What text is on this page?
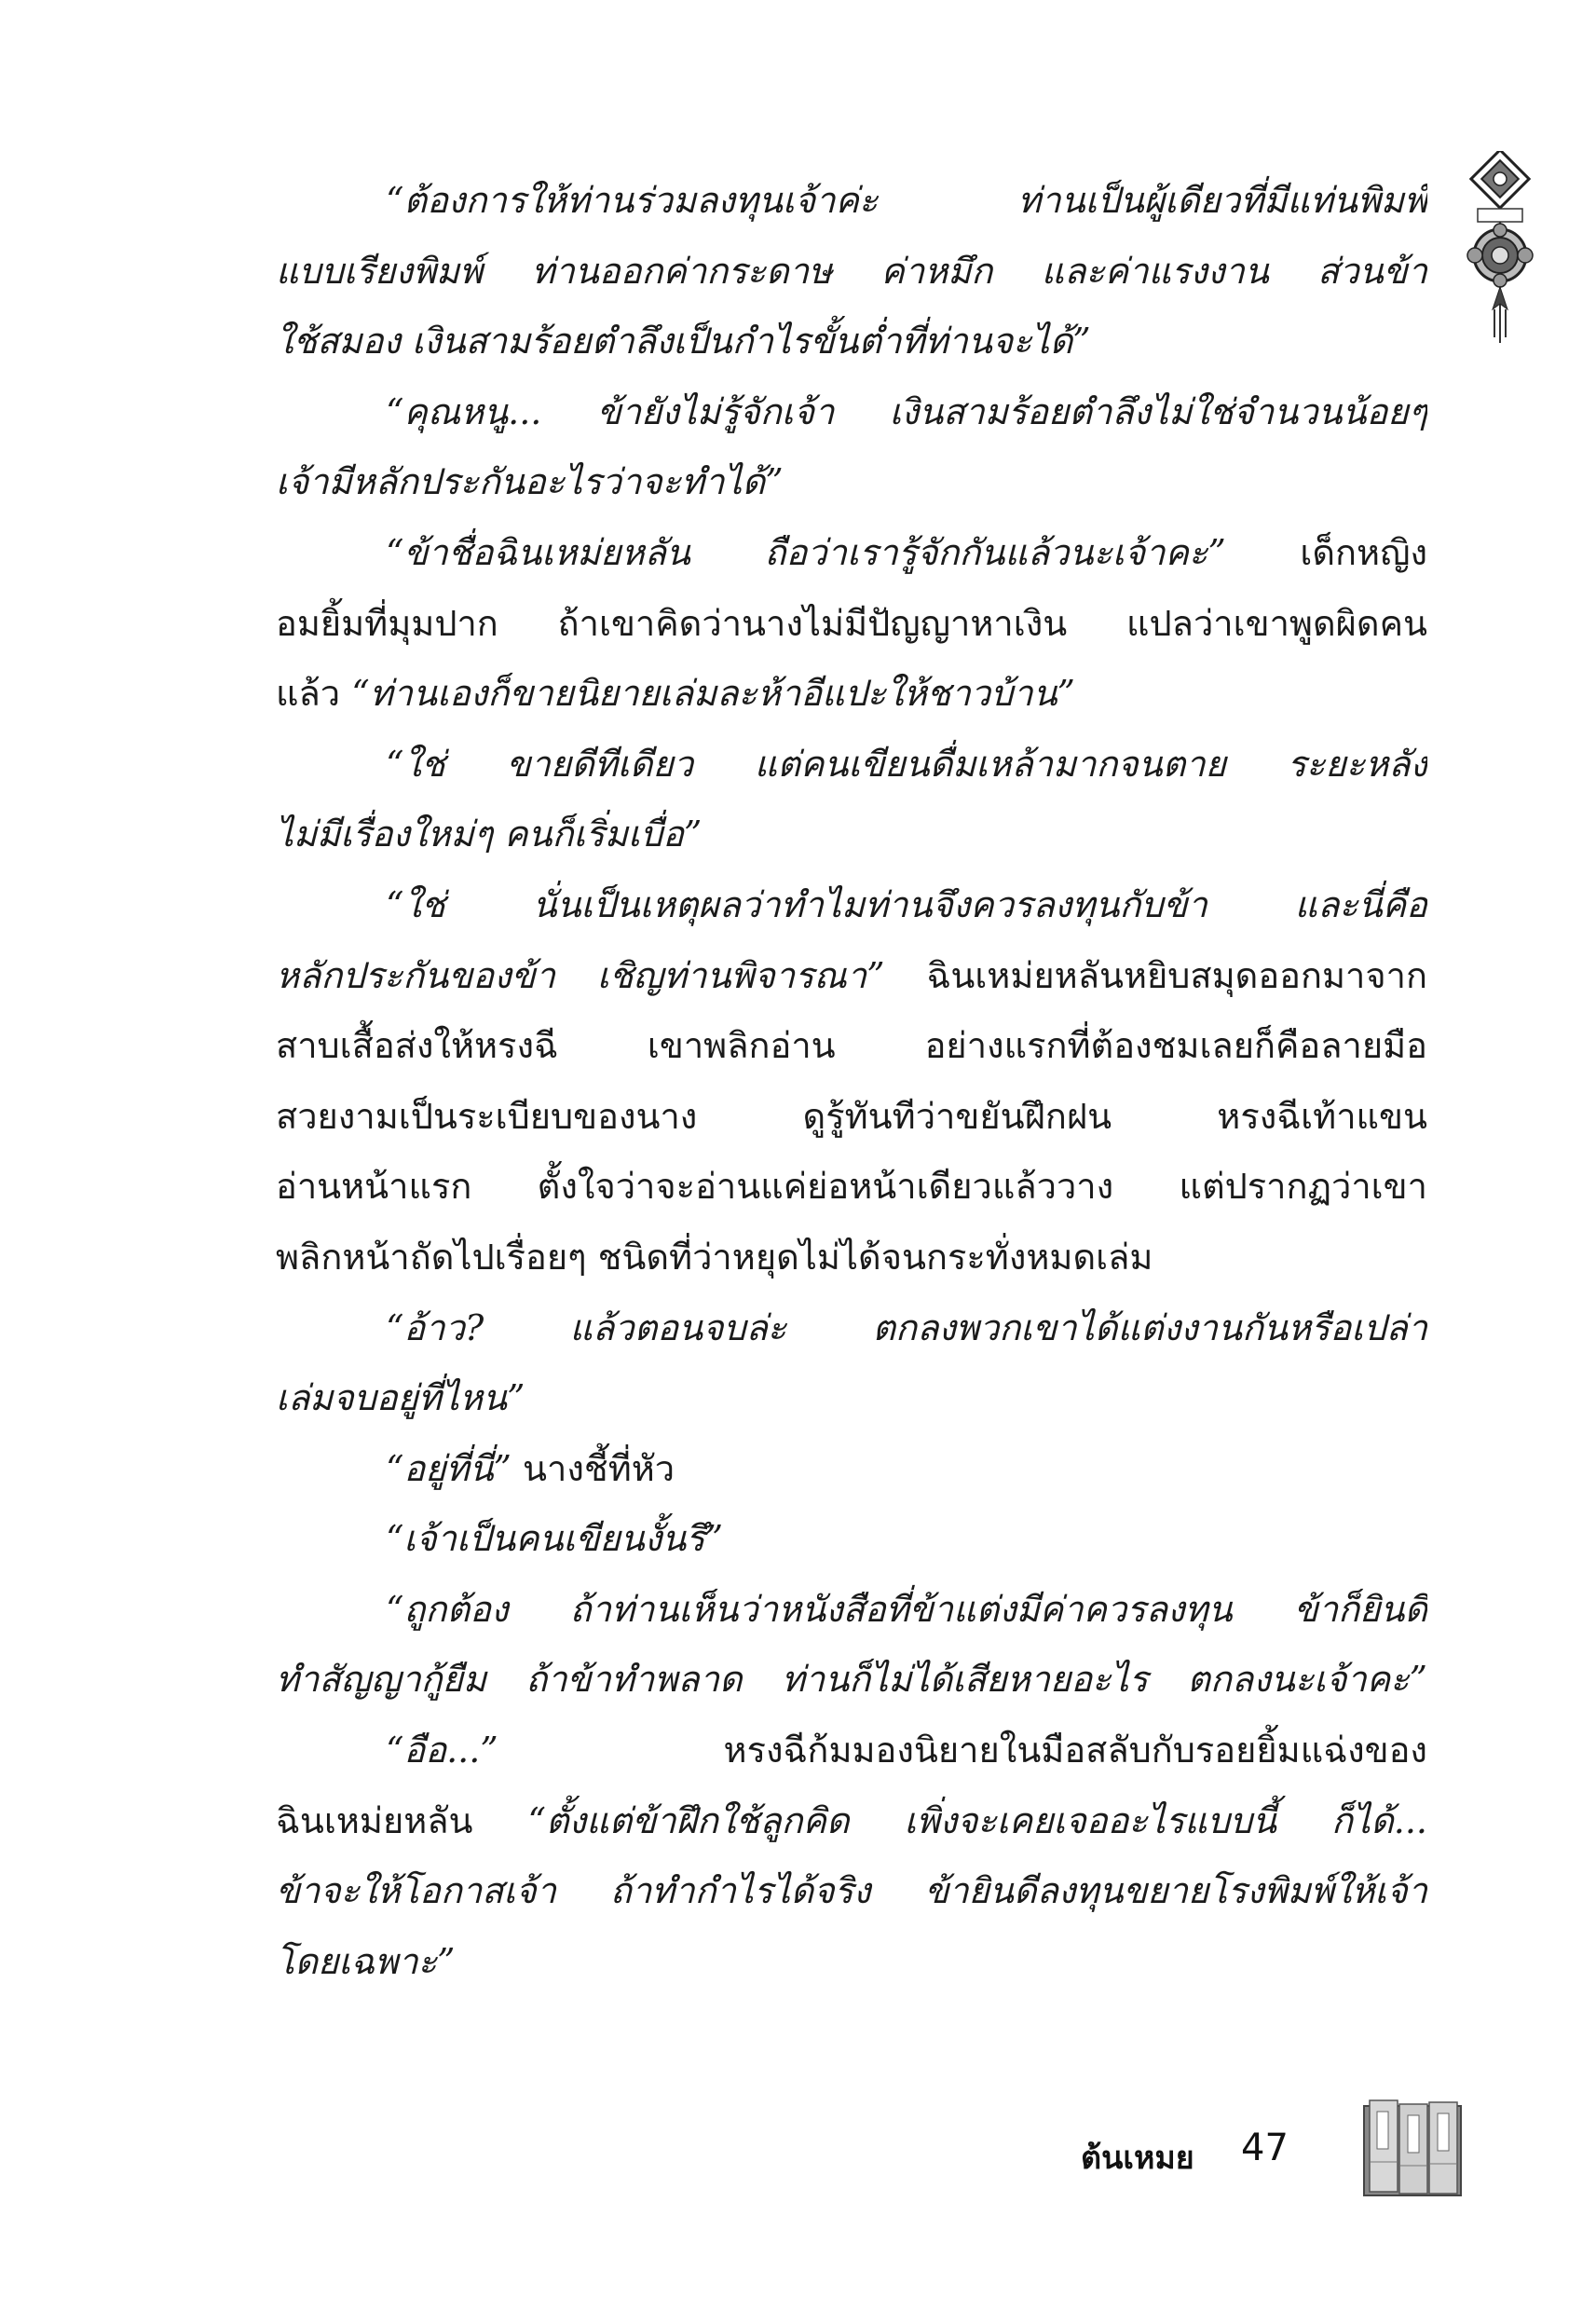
“ต้องการให้ท่านร่วมลงทุนเจ้าค่ะ ท่านเป็นผู้เดียวที่มีแท่นพิมพ์
แบบเรียงพิมพ์ ท่านออกค่ากระดาษ ค่าหมึก และค่าแรงงาน ส่วนข้า
ใช้สมอง เงินสามร้อยตำลึงเป็นกำไรขั้นต่ำที่ท่านจะได้”
“คุณหนู... ข้ายังไม่รู้จักเจ้า เงินสามร้อยตำลึงไม่ใช่จำนวนน้อยๆ
เจ้ามีหลักประกันอะไรว่าจะทำได้”
“ข้าชื่อฉินเหม่ยหลัน ถือว่าเรารู้จักกันแล้วนะเจ้าคะ” เด็กหญิง
อมยิ้มที่มุมปาก ถ้าเขาคิดว่านางไม่มีปัญญาหาเงิน แปลว่าเขาพูดผิดคน
แล้ว “ท่านเองก็ขายนิยายเล่มละห้าอีแปะให้ชาวบ้าน”
“ใช่ ขายดีทีเดียว แต่คนเขียนดื่มเหล้ามากจนตาย ระยะหลัง
ไม่มีเรื่องใหม่ๆ คนก็เริ่มเบื่อ”
“ใช่ นั่นเป็นเหตุผลว่าทำไมท่านจึงควรลงทุนกับข้า และนี่คือ
หลักประกันของข้า เชิญท่านพิจารณา” ฉินเหม่ยหลันหยิบสมุดออกมาจาก
สาบเสื้อส่งให้หรงฉี เขาพลิกอ่าน อย่างแรกที่ต้องชมเลยก็คือลายมือ
สวยงามเป็นระเบียบของนาง ดูรู้ทันทีว่าขยันฝึกฝน หรงฉีเท้าแขน
อ่านหน้าแรก ตั้งใจว่าจะอ่านแค่ย่อหน้าเดียวแล้ววาง แต่ปรากฏว่าเขา
พลิกหน้าถัดไปเรื่อยๆ ชนิดที่ว่าหยุดไม่ได้จนกระทั่งหมดเล่ม
“อ้าว? แล้วตอนจบล่ะ ตกลงพวกเขาได้แต่งงานกันหรือเปล่า
เล่มจบอยู่ที่ไหน”
“อยู่ที่นี่” นางชี้ที่หัว
“เจ้าเป็นคนเขียนงั้นรึ”
“ถูกต้อง ถ้าท่านเห็นว่าหนังสือที่ข้าแต่งมีค่าควรลงทุน ข้าก็ยินดี
ทำสัญญากู้ยืม ถ้าข้าทำพลาด ท่านก็ไม่ได้เสียหายอะไร ตกลงนะเจ้าคะ”
“อือ...” หรงฉีก้มมองนิยายในมือสลับกับรอยยิ้มแฉ่งของ
ฉินเหม่ยหลัน “ตั้งแต่ข้าฝึกใช้ลูกคิด เพิ่งจะเคยเจออะไรแบบนี้ ก็ได้...
ข้าจะให้โอกาสเจ้า ถ้าทำกำไรได้จริง ข้ายินดีลงทุนขยายโรงพิมพ์ให้เจ้า
โดยเฉพาะ”
ต้นเหมย 47
